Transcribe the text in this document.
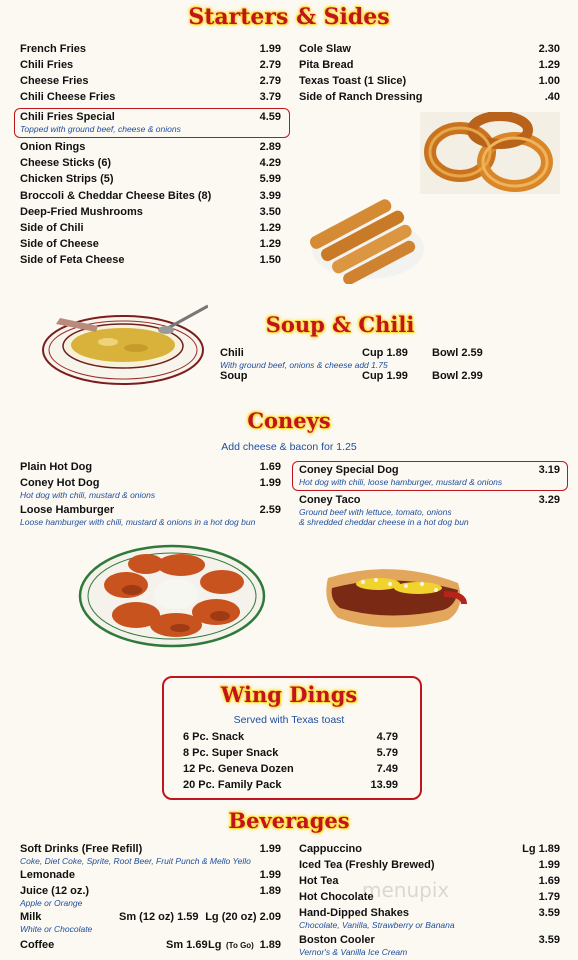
Starters & Sides
French Fries	1.99
Chili Fries	2.79
Cheese Fries	2.79
Chili Cheese Fries	3.79
Chili Fries Special	4.59
Topped with ground beef, cheese & onions
Onion Rings	2.89
Cheese Sticks (6)	4.29
Chicken Strips (5)	5.99
Broccoli & Cheddar Cheese Bites (8)	3.99
Deep-Fried Mushrooms	3.50
Side of Chili	1.29
Side of Cheese	1.29
Side of Feta Cheese	1.50
Cole Slaw	2.30
Pita Bread	1.29
Texas Toast (1 Slice)	1.00
Side of Ranch Dressing	.40
Soup & Chili
Chili	Cup 1.89 Bowl 2.59
With ground beef, onions & cheese add 1.75
Soup	Cup 1.99 Bowl 2.99
Coneys
Add cheese & bacon for 1.25
Plain Hot Dog	1.69
Coney Hot Dog	1.99
Hot dog with chili, mustard & onions
Loose Hamburger	2.59
Loose hamburger with chili, mustard & onions in a hot dog bun
Coney Special Dog	3.19
Hot dog with chili, loose hamburger, mustard & onions
Coney Taco	3.29
Ground beef with lettuce, tomato, onions
& shredded cheddar cheese in a hot dog bun
Wing Dings
Served with Texas toast
6 Pc. Snack	4.79
8 Pc. Super Snack	5.79
12 Pc. Geneva Dozen	7.49
20 Pc. Family Pack	13.99
Beverages
Soft Drinks (Free Refill)	1.99
Coke, Diet Coke, Sprite, Root Beer, Fruit Punch & Mello Yello
Lemonade	1.99
Juice (12 oz.)	1.89
Apple or Orange
Milk	Sm (12 oz) 1.59 Lg (20 oz) 2.09
White or Chocolate
Coffee	Sm 1.69 Lg (To Go) 1.89
Cappuccino	Lg 1.89
Iced Tea (Freshly Brewed)	1.99
Hot Tea	1.69
Hot Chocolate	1.79
Hand-Dipped Shakes	3.59
Chocolate, Vanilla, Strawberry or Banana
Boston Cooler	3.59
Vernor's & Vanilla Ice Cream
menupix
